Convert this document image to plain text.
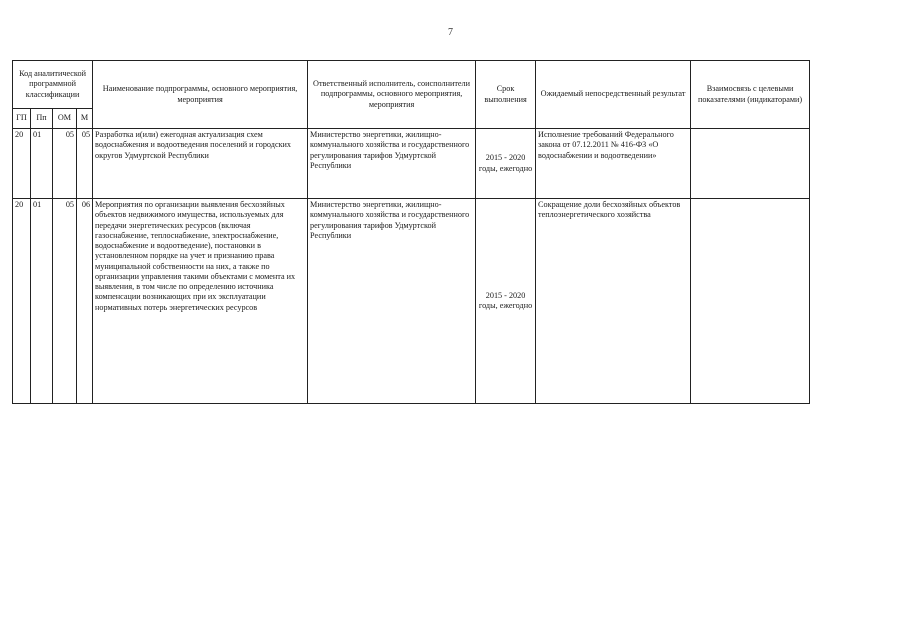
7
Код аналитической программной классификации				Наименование подпрограммы, основного мероприятия, мероприятия	Ответственный исполнитель, соисполнители подпрограммы, основного мероприятия, мероприятия	Срок выполнения	Ожидаемый непосредственный результат	Взаимосвязь с целевыми показателями (индикаторами)
ГП	Пп	ОМ	М					
20	01	05	05	Разработка и(или) ежегодная актуализация схем водоснабжения и водоотведения поселений и городских округов Удмуртской Республики	Министерство энергетики, жилищно-коммунального хозяйства и государственного регулирования тарифов Удмуртской Республики	2015 - 2020 годы, ежегодно	Исполнение требований Федерального закона от 07.12.2011 № 416-ФЗ «О водоснабжении и водоотведении»	
20	01	05	06	Мероприятия по организации выявления бесхозяйных объектов недвижимого имущества, используемых для передачи энергетических ресурсов (включая газоснабжение, теплоснабжение, электроснабжение, водоснабжение и водоотведение), постановки в установленном порядке на учет и признанию права муниципальной собственности на них, а также по организации управления такими объектами с момента их выявления, в том числе по определению источника компенсации возникающих при их эксплуатации нормативных потерь энергетических ресурсов	Министерство энергетики, жилищно-коммунального хозяйства и государственного регулирования тарифов Удмуртской Республики	2015 - 2020 годы, ежегодно	Сокращение доли бесхозяйных объектов теплоэнергетического хозяйства	
